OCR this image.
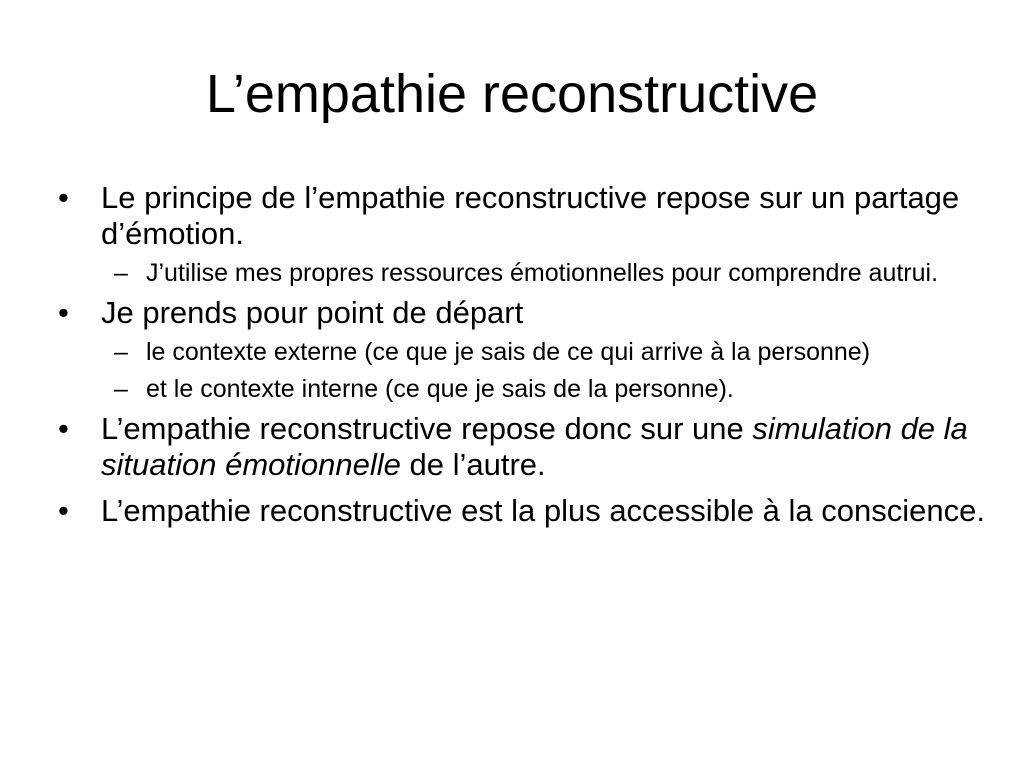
L’empathie reconstructive
•	Le principe de l’empathie reconstructive repose sur un partage d’émotion.
– J’utilise mes propres ressources émotionnelles pour comprendre autrui.
•	Je prends pour point de départ
– le contexte externe (ce que je sais de ce qui arrive à la personne)
– et le contexte interne (ce que je sais de la personne).
•	L’empathie reconstructive repose donc sur une simulation de la situation émotionnelle de l’autre.
•	L’empathie reconstructive est la plus accessible à la conscience.
